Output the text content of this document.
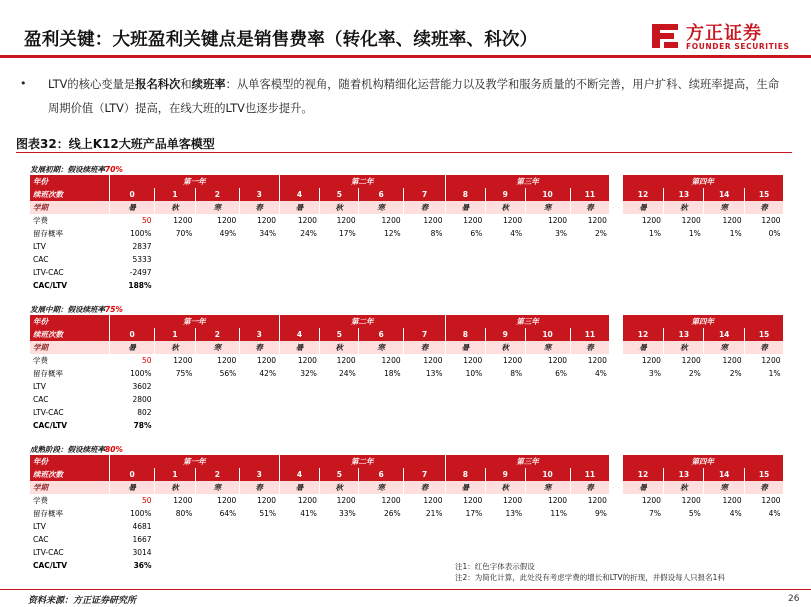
盈利关键：大班盈利关键点是销售费率（转化率、续班率、科次）	方正证券
FOUNDER SECURITIES
• LTV的核心变量是报名科次和续班率：从单客模型的视角，随着机构精细化运营能力以及教学和服务质量的不断完善，用户扩科、续班率提高，生命周期价值（LTV）提高，在线大班的LTV也逐步提升。
图表32：线上K12大班产品单客模型
发展初期：假设续班率70%
年份	第一年				第二年				第三年					第四年			
续班次数	0	1	2	3	4	5	6	7	8	9	10	11		12	13	14	15
学期	暑	秋	寒	春	暑	秋	寒	春	暑	秋	寒	春		暑	秋	寒	春
学费	50	1200	1200	1200	1200	1200	1200	1200	1200	1200	1200	1200		1200	1200	1200	1200
留存概率	100%	70%	49%	34%	24%	17%	12%	8%	6%	4%	3%	2%		1%	1%	1%	0%
LTV	2837																
CAC	5333																
LTV-CAC	-2497																
CAC/LTV	188%																
发展中期：假设续班率75%
年份	第一年				第二年				第三年					第四年			
续班次数	0	1	2	3	4	5	6	7	8	9	10	11		12	13	14	15
学期	暑	秋	寒	春	暑	秋	寒	春	暑	秋	寒	春		暑	秋	寒	春
学费	50	1200	1200	1200	1200	1200	1200	1200	1200	1200	1200	1200		1200	1200	1200	1200
留存概率	100%	75%	56%	42%	32%	24%	18%	13%	10%	8%	6%	4%		3%	2%	2%	1%
LTV	3602																
CAC	2800																
LTV-CAC	802																
CAC/LTV	78%																
成熟阶段：假设续班率80%
年份	第一年				第二年				第三年					第四年			
续班次数	0	1	2	3	4	5	6	7	8	9	10	11		12	13	14	15
学期	暑	秋	寒	春	暑	秋	寒	春	暑	秋	寒	春		暑	秋	寒	春
学费	50	1200	1200	1200	1200	1200	1200	1200	1200	1200	1200	1200		1200	1200	1200	1200
留存概率	100%	80%	64%	51%	41%	33%	26%	21%	17%	13%	11%	9%		7%	5%	4%	4%
LTV	4681																
CAC	1667																
LTV-CAC	3014																
CAC/LTV	36%																	注1：红色字体表示假设
注2：为简化计算，此处没有考虑学费的增长和LTV的折现，并假设每人只报名1科
资料来源：方正证券研究所	26
